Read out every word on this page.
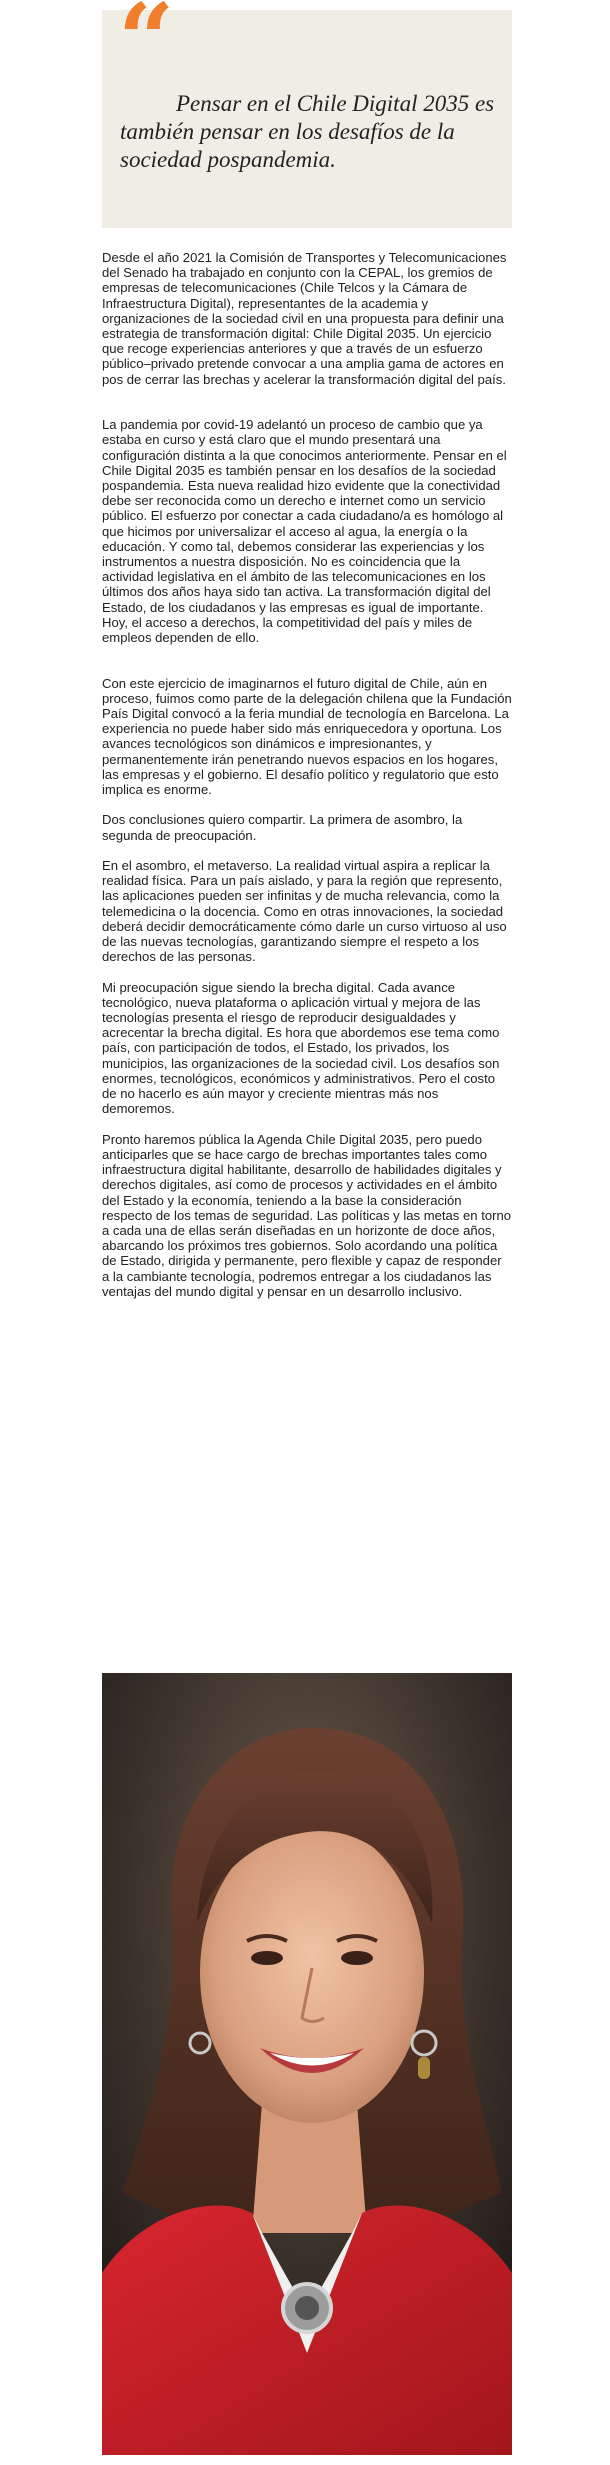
“

Pensar en el Chile Digital 2035 es también pensar en los desafíos de la sociedad pospandemia.

Desde el año 2021 la Comisión de Transportes y Telecomunicaciones del Senado ha trabajado en conjunto con la CEPAL, los gremios de empresas de telecomunicaciones (Chile Telcos y la Cámara de Infraestructura Digital), representantes de la academia y organizaciones de la sociedad civil en una propuesta para definir una estrategia de transformación digital: Chile Digital 2035. Un ejercicio que recoge experiencias anteriores y que a través de un esfuerzo público–privado pretende convocar a una amplia gama de actores en pos de cerrar las brechas y acelerar la transformación digital del país.

La pandemia por covid-19 adelantó un proceso de cambio que ya estaba en curso y está claro que el mundo presentará una configuración distinta a la que conocimos anteriormente. Pensar en el Chile Digital 2035 es también pensar en los desafíos de la sociedad pospandemia. Esta nueva realidad hizo evidente que la conectividad debe ser reconocida como un derecho e internet como un servicio público. El esfuerzo por conectar a cada ciudadano/a es homólogo al que hicimos por universalizar el acceso al agua, la energía o la educación. Y como tal, debemos considerar las experiencias y los instrumentos a nuestra disposición. No es coincidencia que la actividad legislativa en el ámbito de las telecomunicaciones en los últimos dos años haya sido tan activa. La transformación digital del Estado, de los ciudadanos y las empresas es igual de importante. Hoy, el acceso a derechos, la competitividad del país y miles de empleos dependen de ello.

Con este ejercicio de imaginarnos el futuro digital de Chile, aún en proceso, fuimos como parte de la delegación chilena que la Fundación País Digital convocó a la feria mundial de tecnología en Barcelona. La experiencia no puede haber sido más enriquecedora y oportuna. Los avances tecnológicos son dinámicos e impresionantes, y permanentemente irán penetrando nuevos espacios en los hogares, las empresas y el gobierno. El desafío político y regulatorio que esto implica es enorme.

Dos conclusiones quiero compartir. La primera de asombro, la segunda de preocupación.

En el asombro, el metaverso. La realidad virtual aspira a replicar la realidad física. Para un país aislado, y para la región que represento, las aplicaciones pueden ser infinitas y de mucha relevancia, como la telemedicina o la docencia. Como en otras innovaciones, la sociedad deberá decidir democráticamente cómo darle un curso virtuoso al uso de las nuevas tecnologías, garantizando siempre el respeto a los derechos de las personas.

Mi preocupación sigue siendo la brecha digital. Cada avance tecnológico, nueva plataforma o aplicación virtual y mejora de las tecnologías presenta el riesgo de reproducir desigualdades y acrecentar la brecha digital. Es hora que abordemos ese tema como país, con participación de todos, el Estado, los privados, los municipios, las organizaciones de la sociedad civil. Los desafíos son enormes, tecnológicos, económicos y administrativos. Pero el costo de no hacerlo es aún mayor y creciente mientras más nos demoremos.

Pronto haremos pública la Agenda Chile Digital 2035, pero puedo anticiparles que se hace cargo de brechas importantes tales como infraestructura digital habilitante, desarrollo de habilidades digitales y derechos digitales, así como de procesos y actividades en el ámbito del Estado y la economía, teniendo a la base la consideración respecto de los temas de seguridad. Las políticas y las metas en torno a cada una de ellas serán diseñadas en un horizonte de doce años, abarcando los próximos tres gobiernos. Solo acordando una política de Estado, dirigida y permanente, pero flexible y capaz de responder a la cambiante tecnología, podremos entregar a los ciudadanos las ventajas del mundo digital y pensar en un desarrollo inclusivo.
